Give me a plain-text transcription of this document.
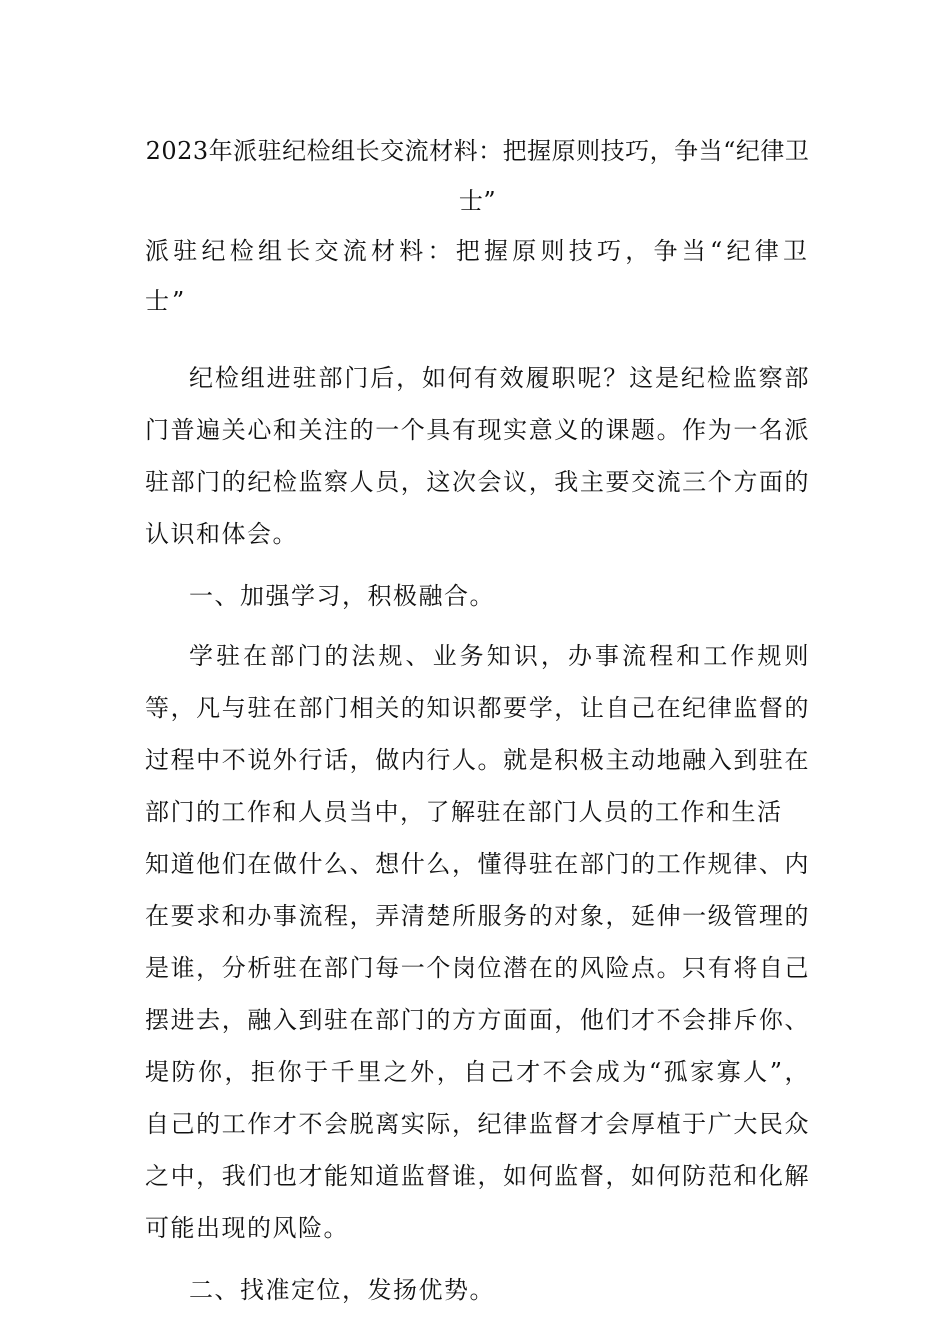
2023年派驻纪检组长交流材料：把握原则技巧，争当“纪律卫士”

派驻纪检组长交流材料：把握原则技巧，争当“纪律卫士”

纪检组进驻部门后，如何有效履职呢？这是纪检监察部门普遍关心和关注的一个具有现实意义的课题。作为一名派驻部门的纪检监察人员，这次会议，我主要交流三个方面的认识和体会。

一、加强学习，积极融合。

学驻在部门的法规、业务知识，办事流程和工作规则等，凡与驻在部门相关的知识都要学，让自己在纪律监督的过程中不说外行话，做内行人。就是积极主动地融入到驻在部门的工作和人员当中，了解驻在部门人员的工作和生活
知道他们在做什么、想什么，懂得驻在部门的工作规律、内在要求和办事流程，弄清楚所服务的对象，延伸一级管理的是谁，分析驻在部门每一个岗位潜在的风险点。只有将自己摆进去，融入到驻在部门的方方面面，他们才不会排斥你、堤防你，拒你于千里之外，自己才不会成为“孤家寡人”，自己的工作才不会脱离实际，纪律监督才会厚植于广大民众之中，我们也才能知道监督谁，如何监督，如何防范和化解可能出现的风险。

二、找准定位，发扬优势。
